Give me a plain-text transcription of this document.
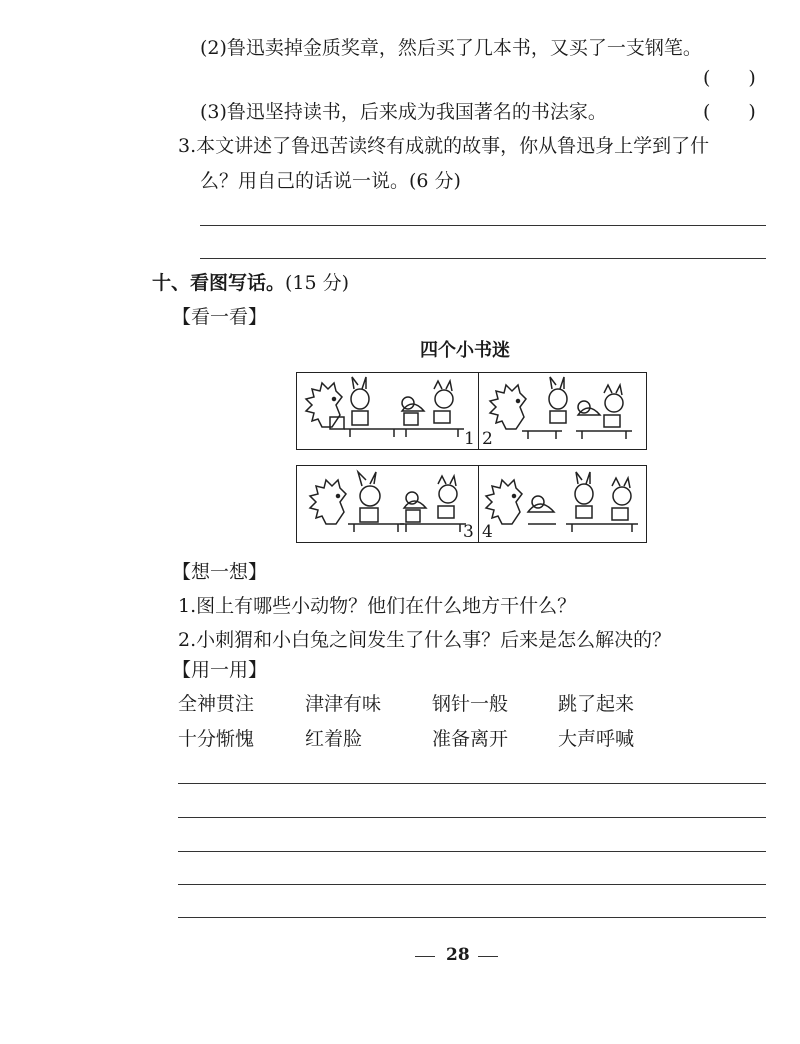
(2)鲁迅卖掉金质奖章，然后买了几本书，又买了一支钢笔。
(　　)
(3)鲁迅坚持读书，后来成为我国著名的书法家。	(　　)
3.本文讲述了鲁迅苦读终有成就的故事，你从鲁迅身上学到了什
么？用自己的话说一说。(6 分)
十、看图写话。(15 分)
【看一看】
四个小书迷
1 2
3 4
【想一想】
1.图上有哪些小动物？他们在什么地方干什么？
2.小刺猬和小白兔之间发生了什么事？后来是怎么解决的？
【用一用】
全神贯注	津津有味	钢针一般	跳了起来
十分惭愧	红着脸	准备离开	大声呼喊
28
